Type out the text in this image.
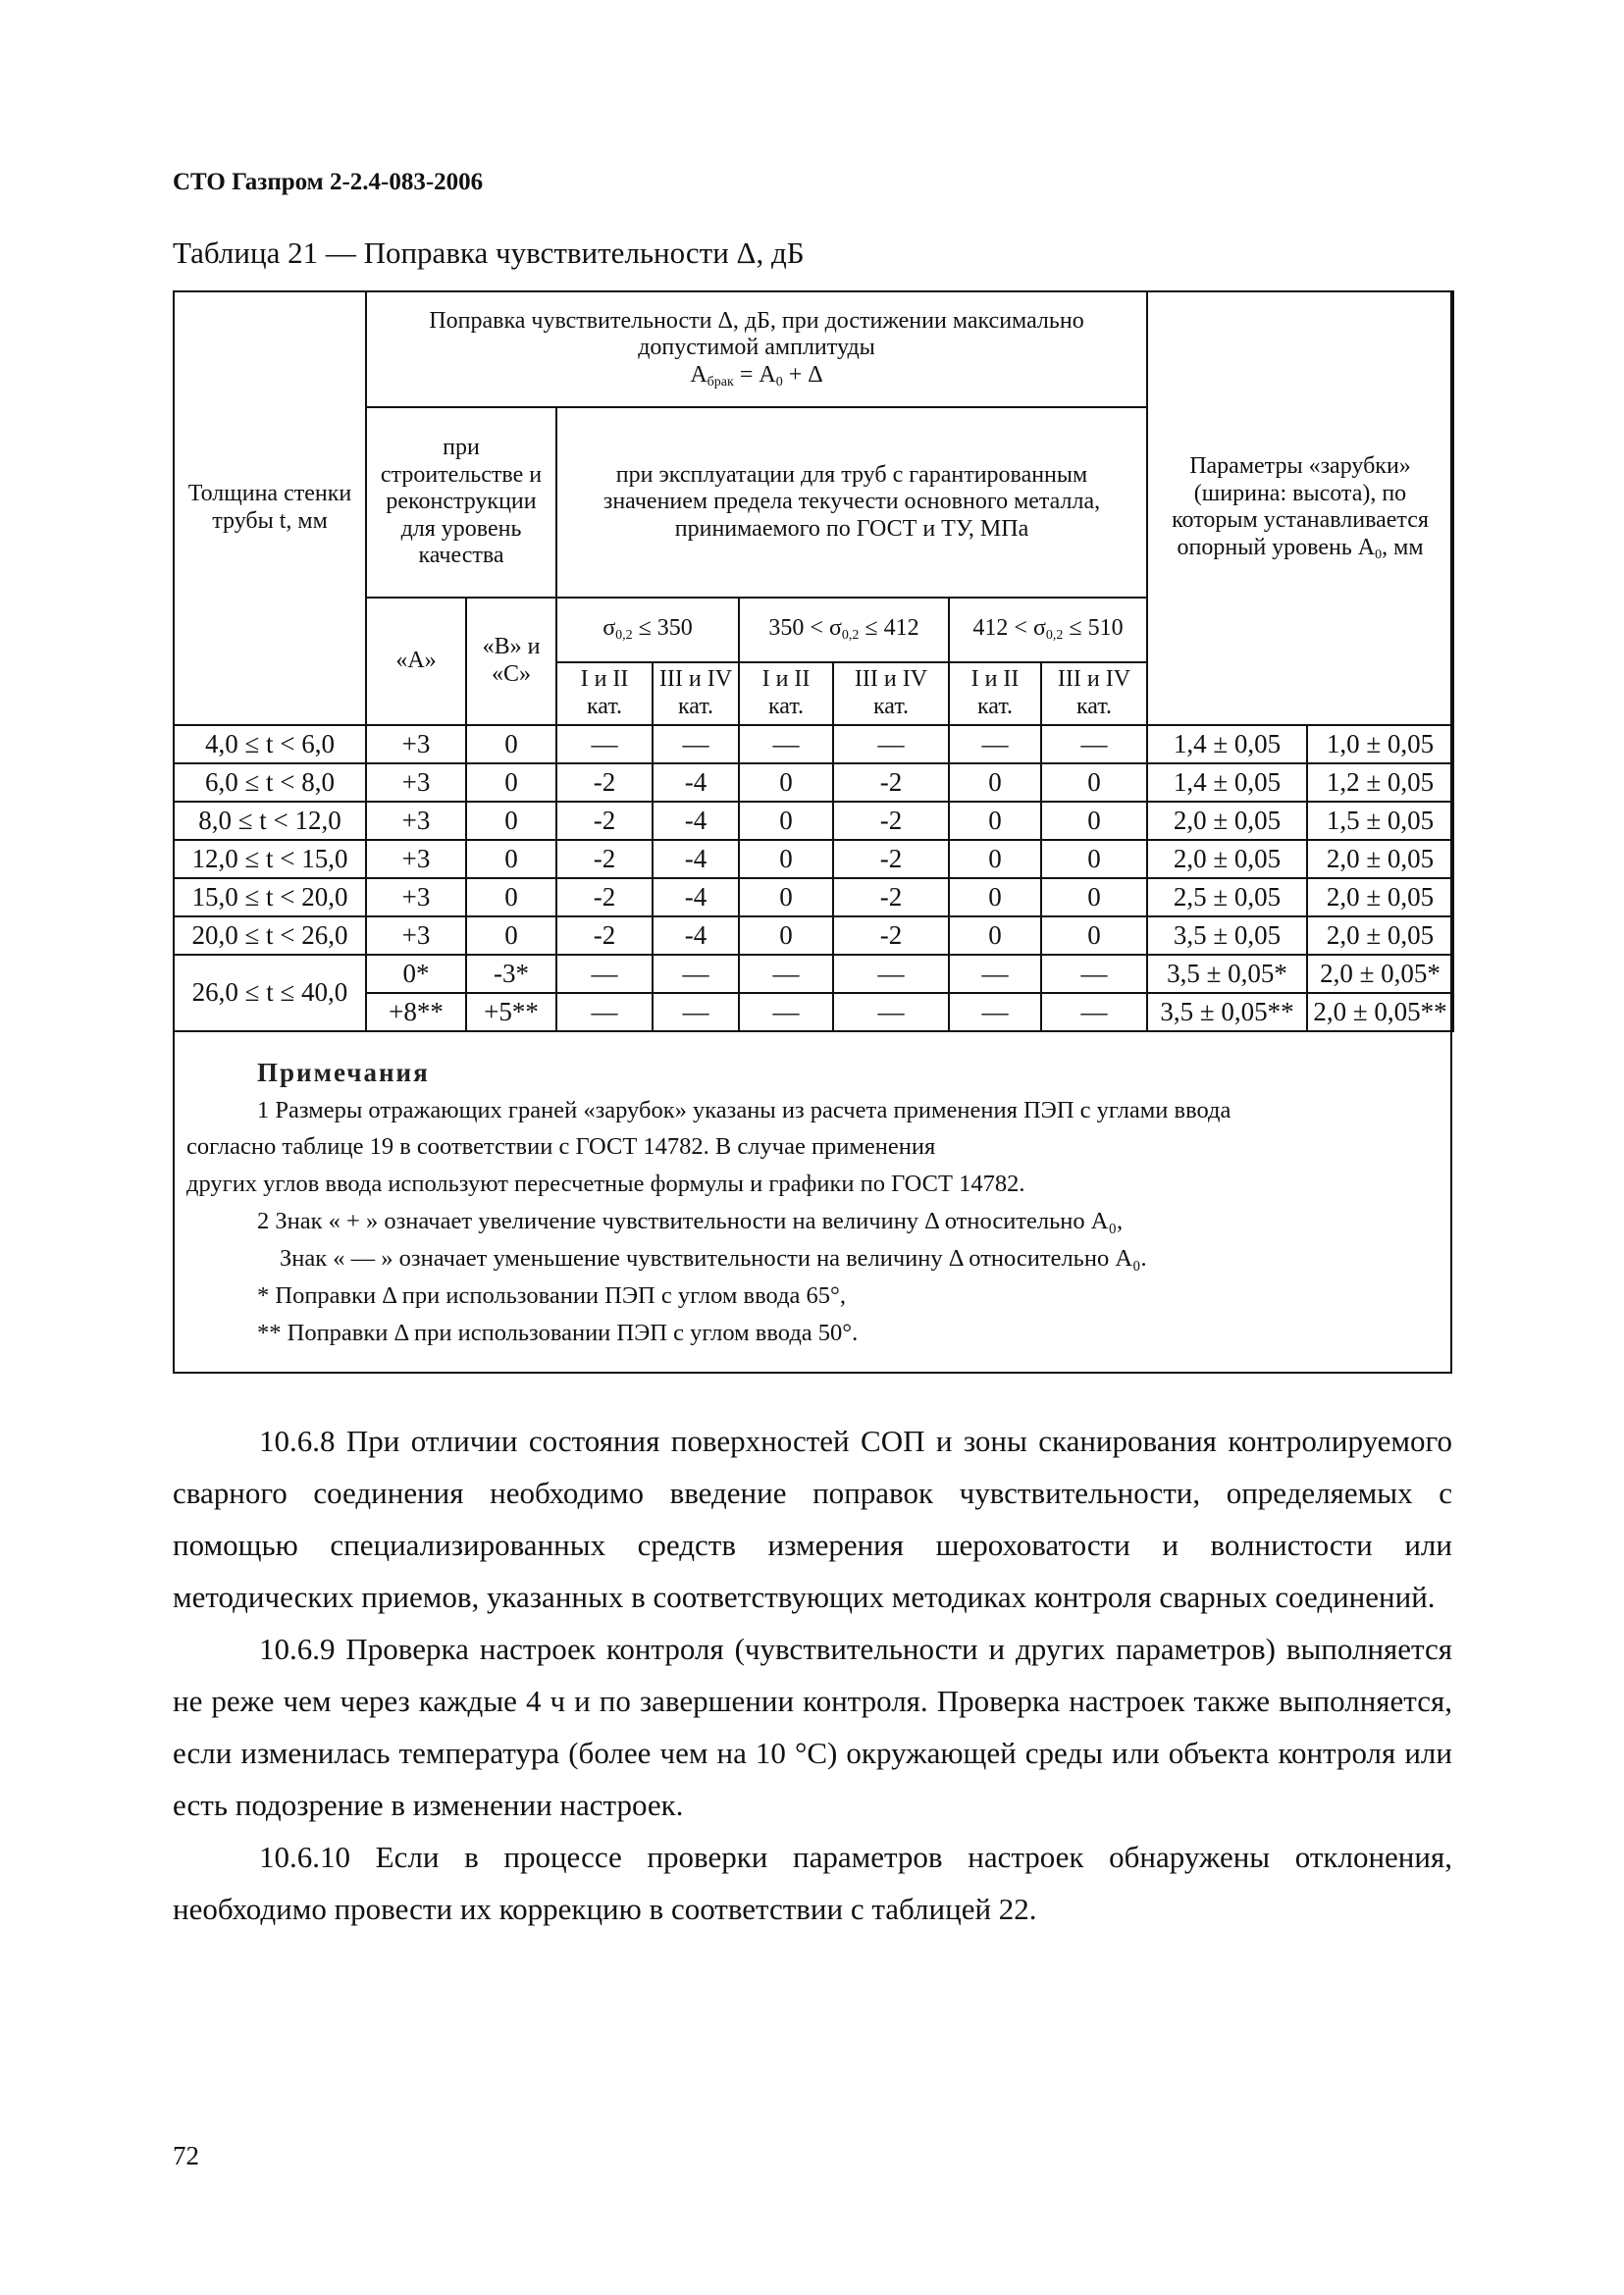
СТО Газпром 2-2.4-083-2006
Таблица 21 — Поправка чувствительности Δ, дБ
Толщина стенки трубы t, мм	Поправка чувствительности Δ, дБ, при достижении максимально допустимой амплитуды
$A_{брак} = A_0 + \Delta$								Параметры «зарубки» (ширина: высота), по которым устанавливается опорный уровень $A_0$, мм	
	при строительстве и реконструкции для уровень качества		при эксплуатации для труб с гарантированным значением предела текучести основного металла, принимаемого по ГОСТ и ТУ, МПа							
	«А»	«В» и «С»	$\sigma_{0,2} \le 350$		$350 < \sigma_{0,2} \le 412$		$412 < \sigma_{0,2} \le 510$			
			I и II кат.	III и IV кат.	I и II кат.	III и IV кат.	I и II кат.	III и IV кат.		
4,0 ≤ t < 6,0	+3	0	—	—	—	—	—	—	1,4 ± 0,05	1,0 ± 0,05
6,0 ≤ t < 8,0	+3	0	-2	-4	0	-2	0	0	1,4 ± 0,05	1,2 ± 0,05
8,0 ≤ t < 12,0	+3	0	-2	-4	0	-2	0	0	2,0 ± 0,05	1,5 ± 0,05
12,0 ≤ t < 15,0	+3	0	-2	-4	0	-2	0	0	2,0 ± 0,05	2,0 ± 0,05
15,0 ≤ t < 20,0	+3	0	-2	-4	0	-2	0	0	2,5 ± 0,05	2,0 ± 0,05
20,0 ≤ t < 26,0	+3	0	-2	-4	0	-2	0	0	3,5 ± 0,05	2,0 ± 0,05
26,0 ≤ t ≤ 40,0	0*	-3*	—	—	—	—	—	—	3,5 ± 0,05*	2,0 ± 0,05*
	+8**	+5**	—	—	—	—	—	—	3,5 ± 0,05**	2,0 ± 0,05**
Примечания
1 Размеры отражающих граней «зарубок» указаны из расчета применения ПЭП с углами ввода
согласно таблице 19 в соответствии с ГОСТ 14782. В случае применения
других углов ввода используют пересчетные формулы и графики по ГОСТ 14782.
2 Знак « + » означает увеличение чувствительности на величину Δ относительно A₀,
Знак « — » означает уменьшение чувствительности на величину Δ относительно A₀.
* Поправки Δ при использовании ПЭП с углом ввода 65°,
** Поправки Δ при использовании ПЭП с углом ввода 50°.
10.6.8 При отличии состояния поверхностей СОП и зоны сканирования контролируемого сварного соединения необходимо введение поправок чувствительности, определяемых с помощью специализированных средств измерения шероховатости и волнистости или методических приемов, указанных в соответствующих методиках контроля сварных соединений.
10.6.9 Проверка настроек контроля (чувствительности и других параметров) выполняется не реже чем через каждые 4 ч и по завершении контроля. Проверка настроек также выполняется, если изменилась температура (более чем на 10 °С) окружающей среды или объекта контроля или есть подозрение в изменении настроек.
10.6.10 Если в процессе проверки параметров настроек обнаружены отклонения, необходимо провести их коррекцию в соответствии с таблицей 22.
72
